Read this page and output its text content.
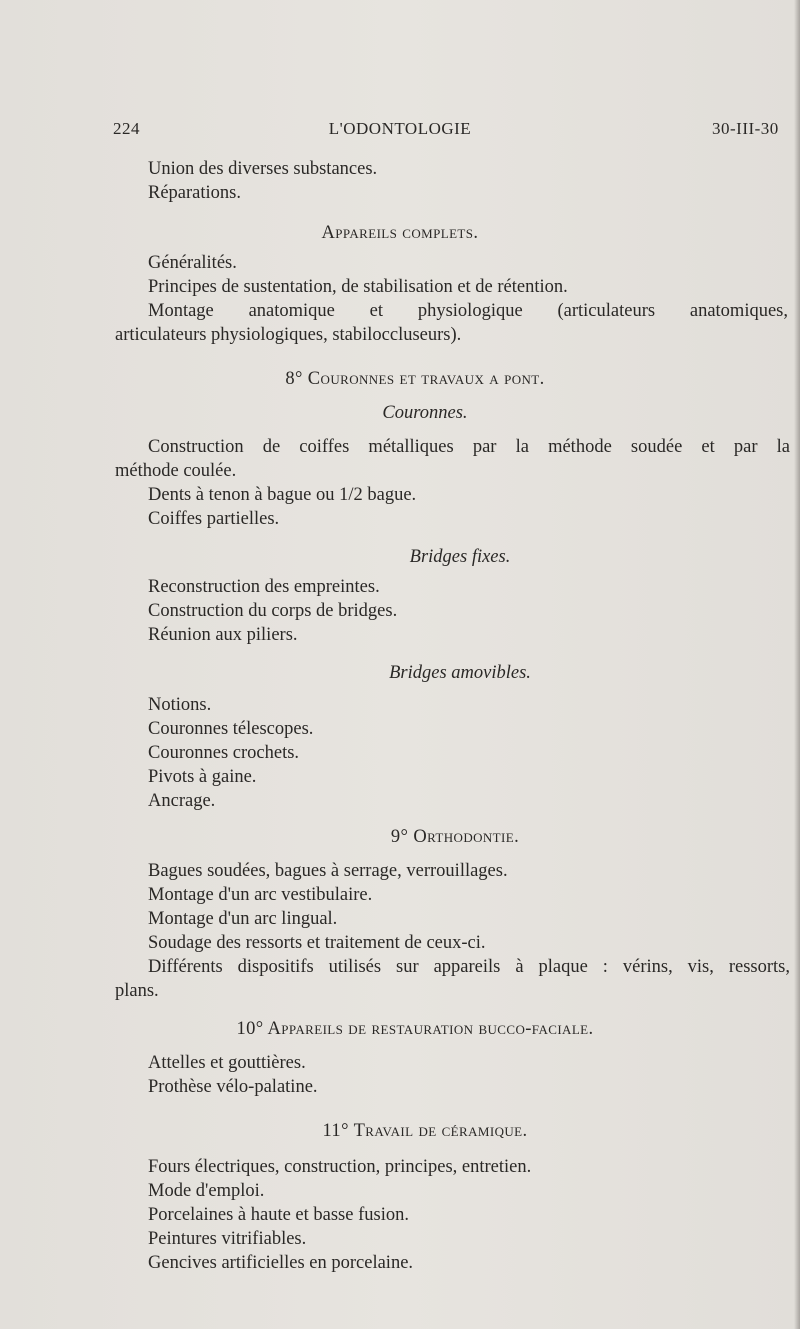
224	L'ODONTOLOGIE	30-III-30
Union des diverses substances.
Réparations.
Appareils complets.
Généralités.
Principes de sustentation, de stabilisation et de rétention.
Montage anatomique et physiologique (articulateurs anatomiques,
articulateurs physiologiques, stabiloccluseurs).
8° Couronnes et travaux a pont.
Couronnes.
Construction de coiffes métalliques par la méthode soudée et par la
méthode coulée.
Dents à tenon à bague ou 1/2 bague.
Coiffes partielles.
Bridges fixes.
Reconstruction des empreintes.
Construction du corps de bridges.
Réunion aux piliers.
Bridges amovibles.
Notions.
Couronnes télescopes.
Couronnes crochets.
Pivots à gaine.
Ancrage.
9° Orthodontie.
Bagues soudées, bagues à serrage, verrouillages.
Montage d'un arc vestibulaire.
Montage d'un arc lingual.
Soudage des ressorts et traitement de ceux-ci.
Différents dispositifs utilisés sur appareils à plaque : vérins, vis, ressorts,
plans.
10° Appareils de restauration bucco-faciale.
Attelles et gouttières.
Prothèse vélo-palatine.
11° Travail de céramique.
Fours électriques, construction, principes, entretien.
Mode d'emploi.
Porcelaines à haute et basse fusion.
Peintures vitrifiables.
Gencives artificielles en porcelaine.
